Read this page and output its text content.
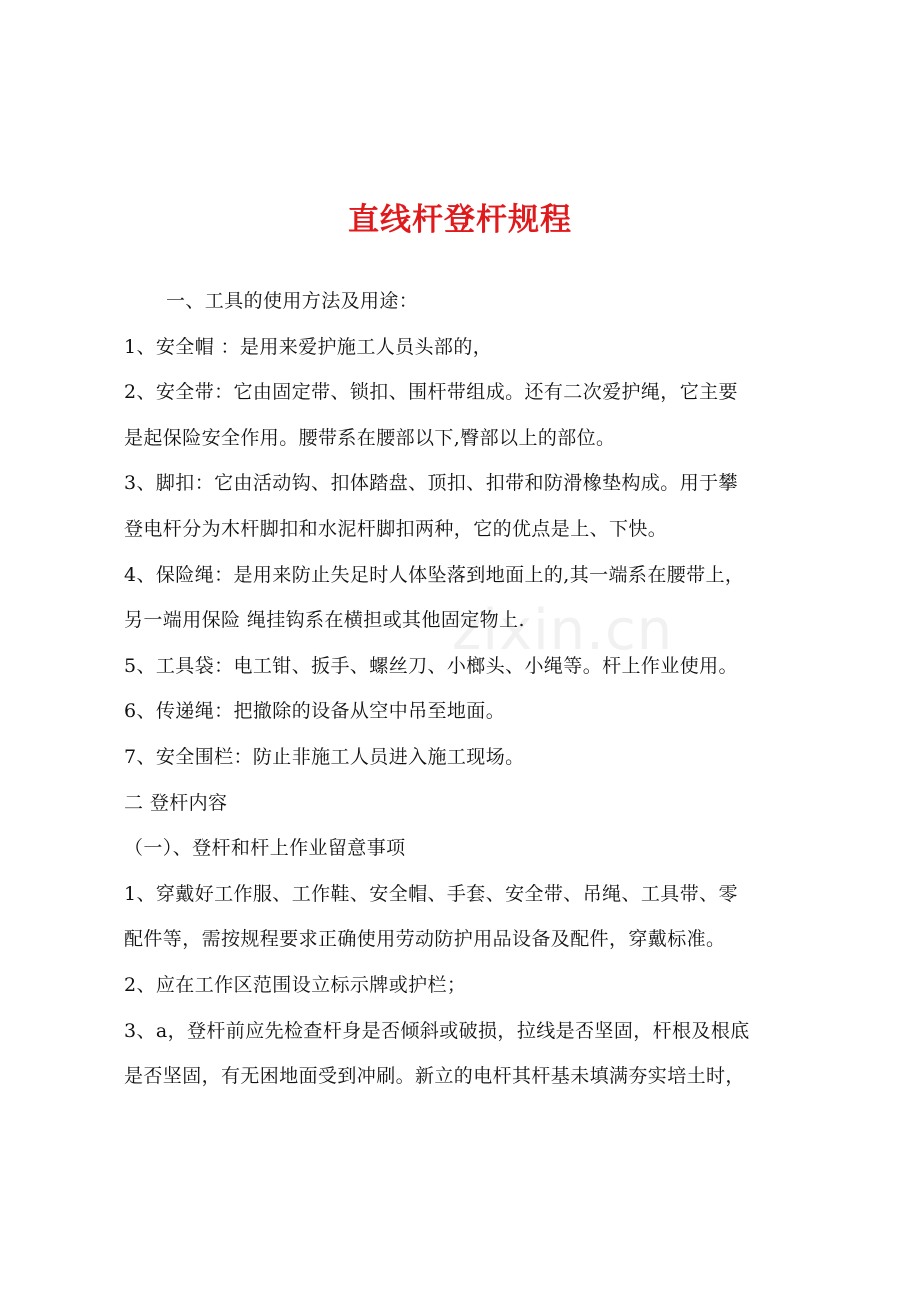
直线杆登杆规程
zixin.cn

一、工具的使用方法及用途：

1、安全帽 ：是用来爱护施工人员头部的，

2、安全带：它由固定带、锁扣、围杆带组成。还有二次爱护绳，它主要

是起保险安全作用。腰带系在腰部以下,臀部以上的部位。

3、脚扣：它由活动钩、扣体踏盘、顶扣、扣带和防滑橡垫构成。用于攀

登电杆分为木杆脚扣和水泥杆脚扣两种，它的优点是上、下快。

4、保险绳：是用来防止失足时人体坠落到地面上的,其一端系在腰带上，

另一端用保险 绳挂钩系在横担或其他固定物上.

5、工具袋：电工钳、扳手、螺丝刀、小榔头、小绳等。杆上作业使用。

6、传递绳：把撤除的设备从空中吊至地面。

7、安全围栏：防止非施工人员进入施工现场。

二 登杆内容

（一）、登杆和杆上作业留意事项

1、穿戴好工作服、工作鞋、安全帽、手套、安全带、吊绳、工具带、零

配件等，需按规程要求正确使用劳动防护用品设备及配件，穿戴标准。

2、应在工作区范围设立标示牌或护栏；

3、a，登杆前应先检查杆身是否倾斜或破损，拉线是否坚固，杆根及根底

是否坚固，有无困地面受到冲刷。新立的电杆其杆基未填满夯实培土时，
